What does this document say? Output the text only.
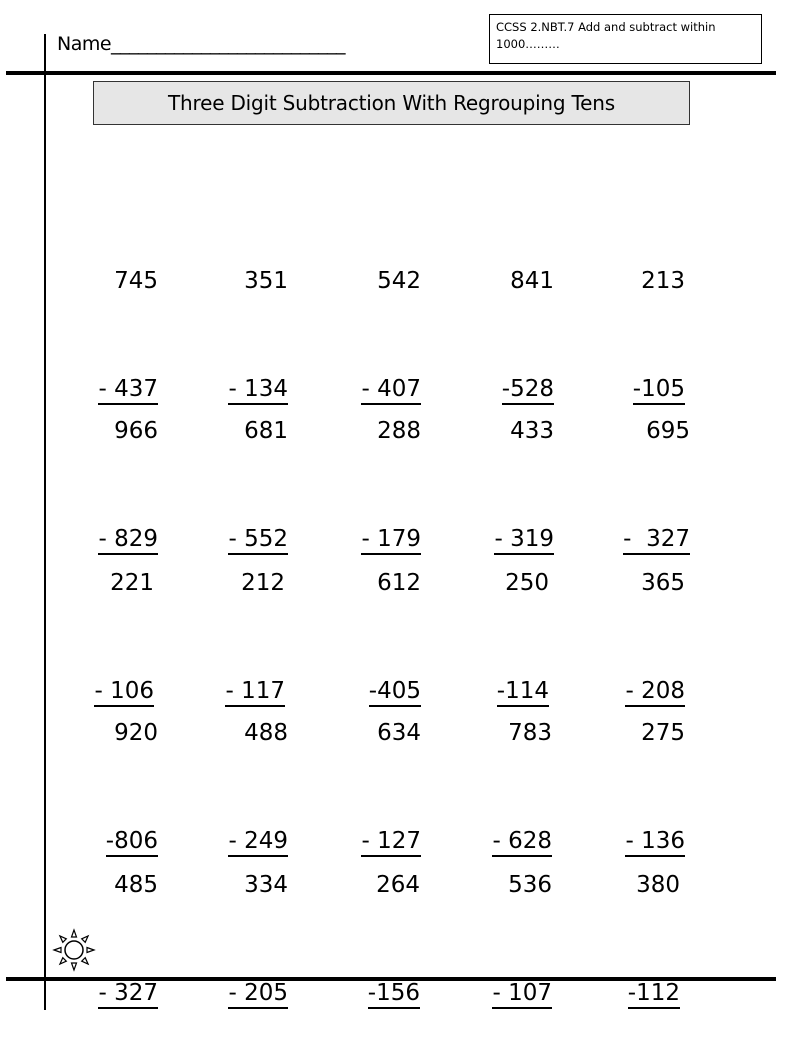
Name__________________________
CCSS 2.NBT.7 Add and subtract within 1000………
Three Digit Subtraction With Regrouping Tens

745

- 437

351

- 134

542

- 407

841

-528

213

-105

966

- 829

681

- 552

288

- 179

433

- 319

695

-  327

221

- 106

212

- 117

612

-405

250

-114

365

- 208

920

-806

488

- 249

634

- 127

783

- 628

275

- 136

485

- 327

334

- 205

264

-156

536

- 107

380

-112
